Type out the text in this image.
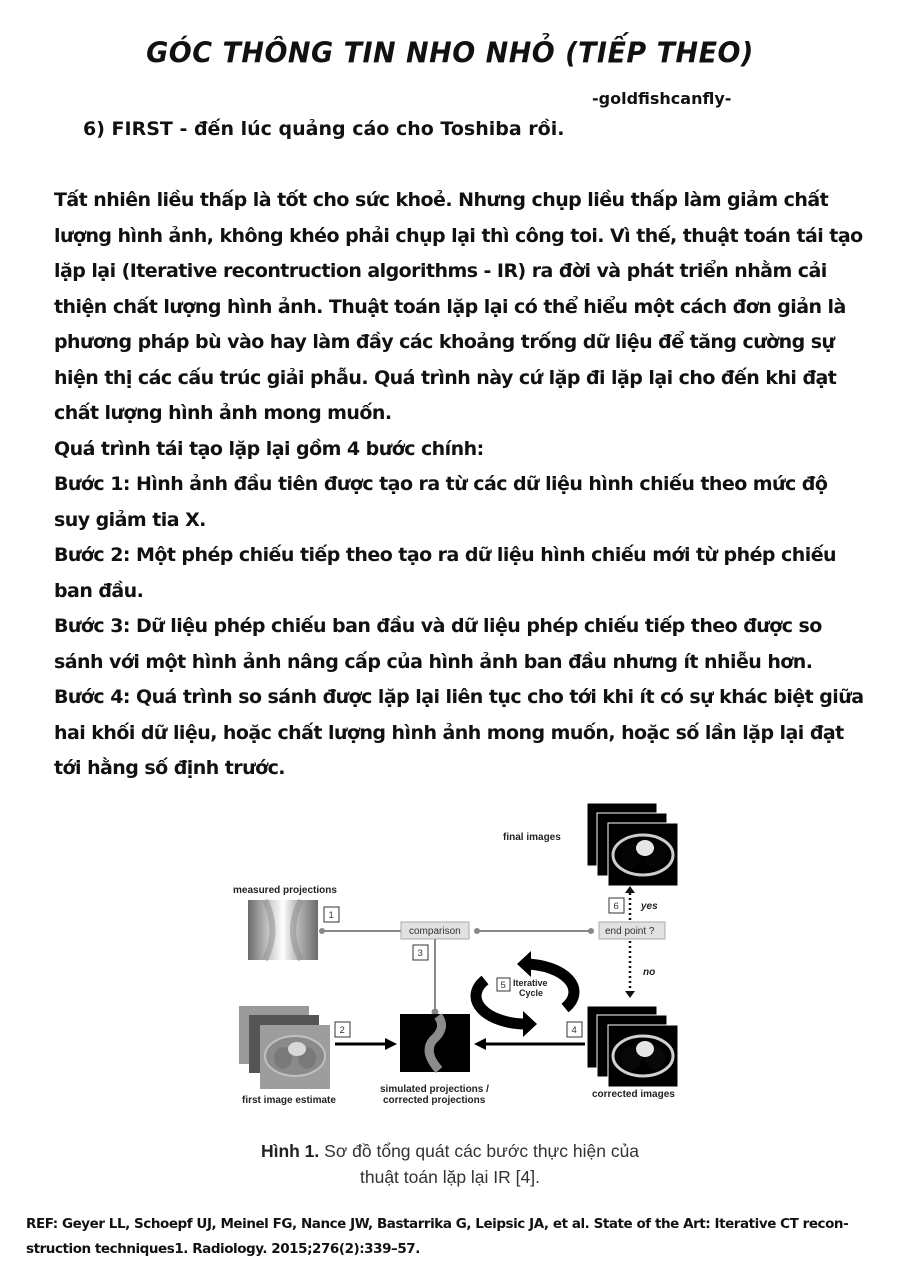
GÓC THÔNG TIN NHO NHỎ (TIẾP THEO)
-goldfishcanfly-
6) FIRST - đến lúc quảng cáo cho Toshiba rồi.

Tất nhiên liều thấp là tốt cho sức khoẻ. Nhưng chụp liều thấp làm giảm chất lượng hình ảnh, không khéo phải chụp lại thì công toi. Vì thế, thuật toán tái tạo lặp lại (Iterative recontruction algorithms - IR) ra đời và phát triển nhằm cải thiện chất lượng hình ảnh. Thuật toán lặp lại có thể hiểu một cách đơn giản là phương pháp bù vào hay làm đầy các khoảng trống dữ liệu để tăng cường sự hiện thị các cấu trúc giải phẫu. Quá trình này cứ lặp đi lặp lại cho đến khi đạt chất lượng hình ảnh mong muốn.

Quá trình tái tạo lặp lại gồm 4 bước chính:

Bước 1: Hình ảnh đầu tiên được tạo ra từ các dữ liệu hình chiếu theo mức độ suy giảm tia X.

Bước 2: Một phép chiếu tiếp theo tạo ra dữ liệu hình chiếu mới từ phép chiếu ban đầu.

Bước 3: Dữ liệu phép chiếu ban đầu và dữ liệu phép chiếu tiếp theo được so sánh với một hình ảnh nâng cấp của hình ảnh ban đầu nhưng ít nhiễu hơn.

Bước 4: Quá trình so sánh được lặp lại liên tục cho tới khi ít có sự khác biệt giữa hai khối dữ liệu, hoặc chất lượng hình ảnh mong muốn, hoặc số lần lặp lại đạt tới hằng số định trước.

final images
measured projections
1
comparison	end point ?
3
6 yes
no
5 Iterative
Cycle
first image estimate
2
simulated projections /
corrected projections
4
corrected images
Hình 1. Sơ đồ tổng quát các bước thực hiện của
thuật toán lặp lại IR [4].
REF: Geyer LL, Schoepf UJ, Meinel FG, Nance JW, Bastarrika G, Leipsic JA, et al. State of the Art: Iterative CT recon-
struction techniques1. Radiology. 2015;276(2):339–57.
